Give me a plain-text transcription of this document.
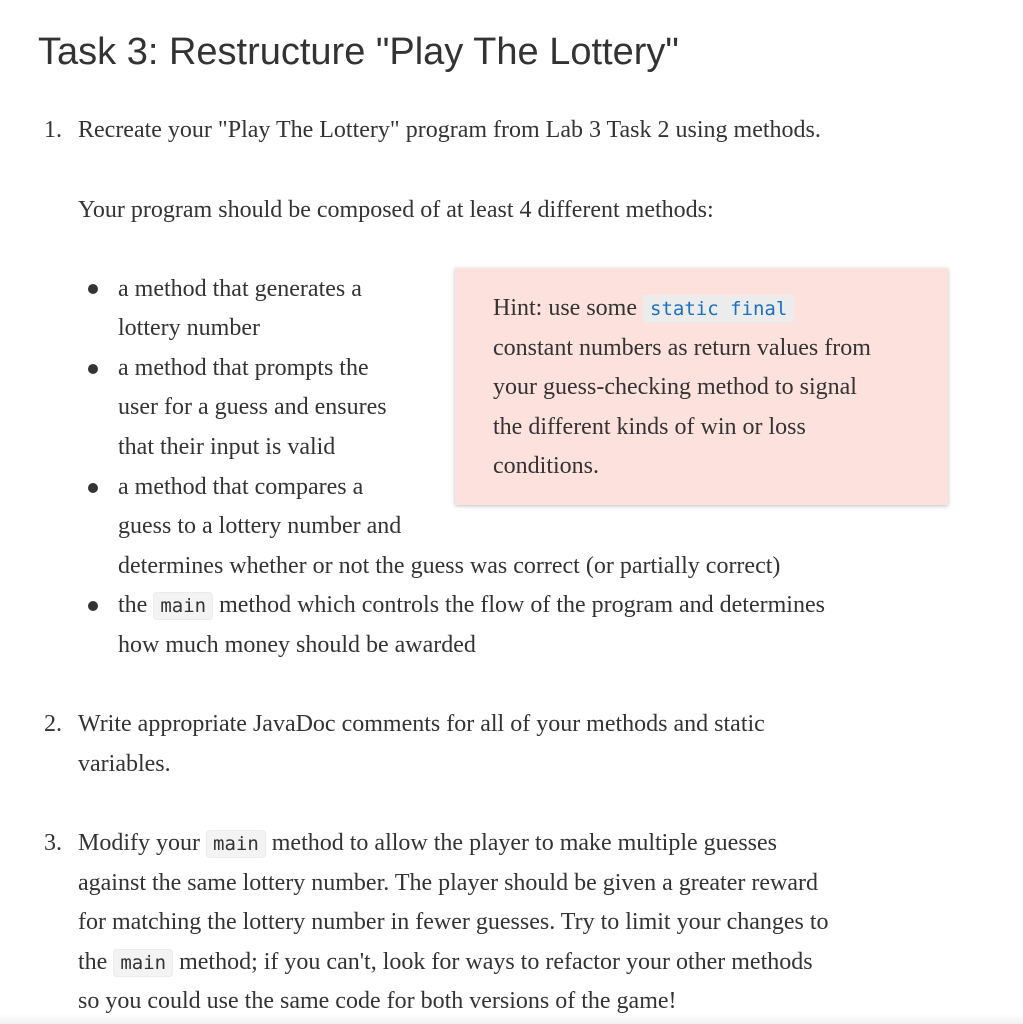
Task 3: Restructure "Play The Lottery"
1. Recreate your "Play The Lottery" program from Lab 3 Task 2 using methods.

Your program should be composed of at least 4 different methods:

a method that generates a

lottery number

a method that prompts the

user for a guess and ensures

that their input is valid

a method that compares a

guess to a lottery number and

determines whether or not the guess was correct (or partially correct)

the main method which controls the flow of the program and determines

how much money should be awarded

Hint: use some static final

constant numbers as return values from

your guess-checking method to signal

the different kinds of win or loss

conditions.

2. Write appropriate JavaDoc comments for all of your methods and static

variables.

3. Modify your main method to allow the player to make multiple guesses

against the same lottery number. The player should be given a greater reward

for matching the lottery number in fewer guesses. Try to limit your changes to

the main method; if you can't, look for ways to refactor your other methods

so you could use the same code for both versions of the game!
